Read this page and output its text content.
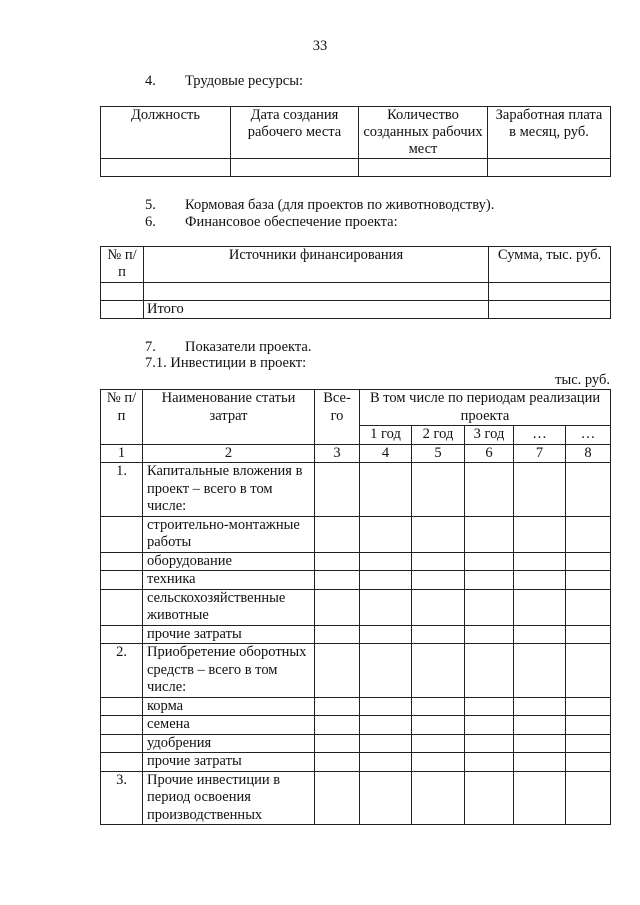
33
4. Трудовые ресурсы:
Должность	Дата создания рабочего места	Количество созданных рабочих мест	Заработная плата в месяц, руб.

5. Кормовая база (для проектов по животноводству).
6. Финансовое обеспечение проекта:
№ п/п	Источники финансирования	Сумма, тыс. руб.

	Итого	
7. Показатели проекта.
7.1. Инвестиции в проект:
тыс. руб.
№ п/п	Наименование статьи затрат	Все-го	В том числе по периодам реализации проекта				
			1 год	2 год	3 год	…	…
1	2	3	4	5	6	7	8
1.	Капитальные вложения в проект – всего в том числе:						
	строительно-монтажные работы						
	оборудование						
	техника						
	сельскохозяйственные животные						
	прочие затраты						
2.	Приобретение оборотных средств – всего в том числе:						
	корма						
	семена						
	удобрения						
	прочие затраты						
3.	Прочие инвестиции в период освоения производственных						
